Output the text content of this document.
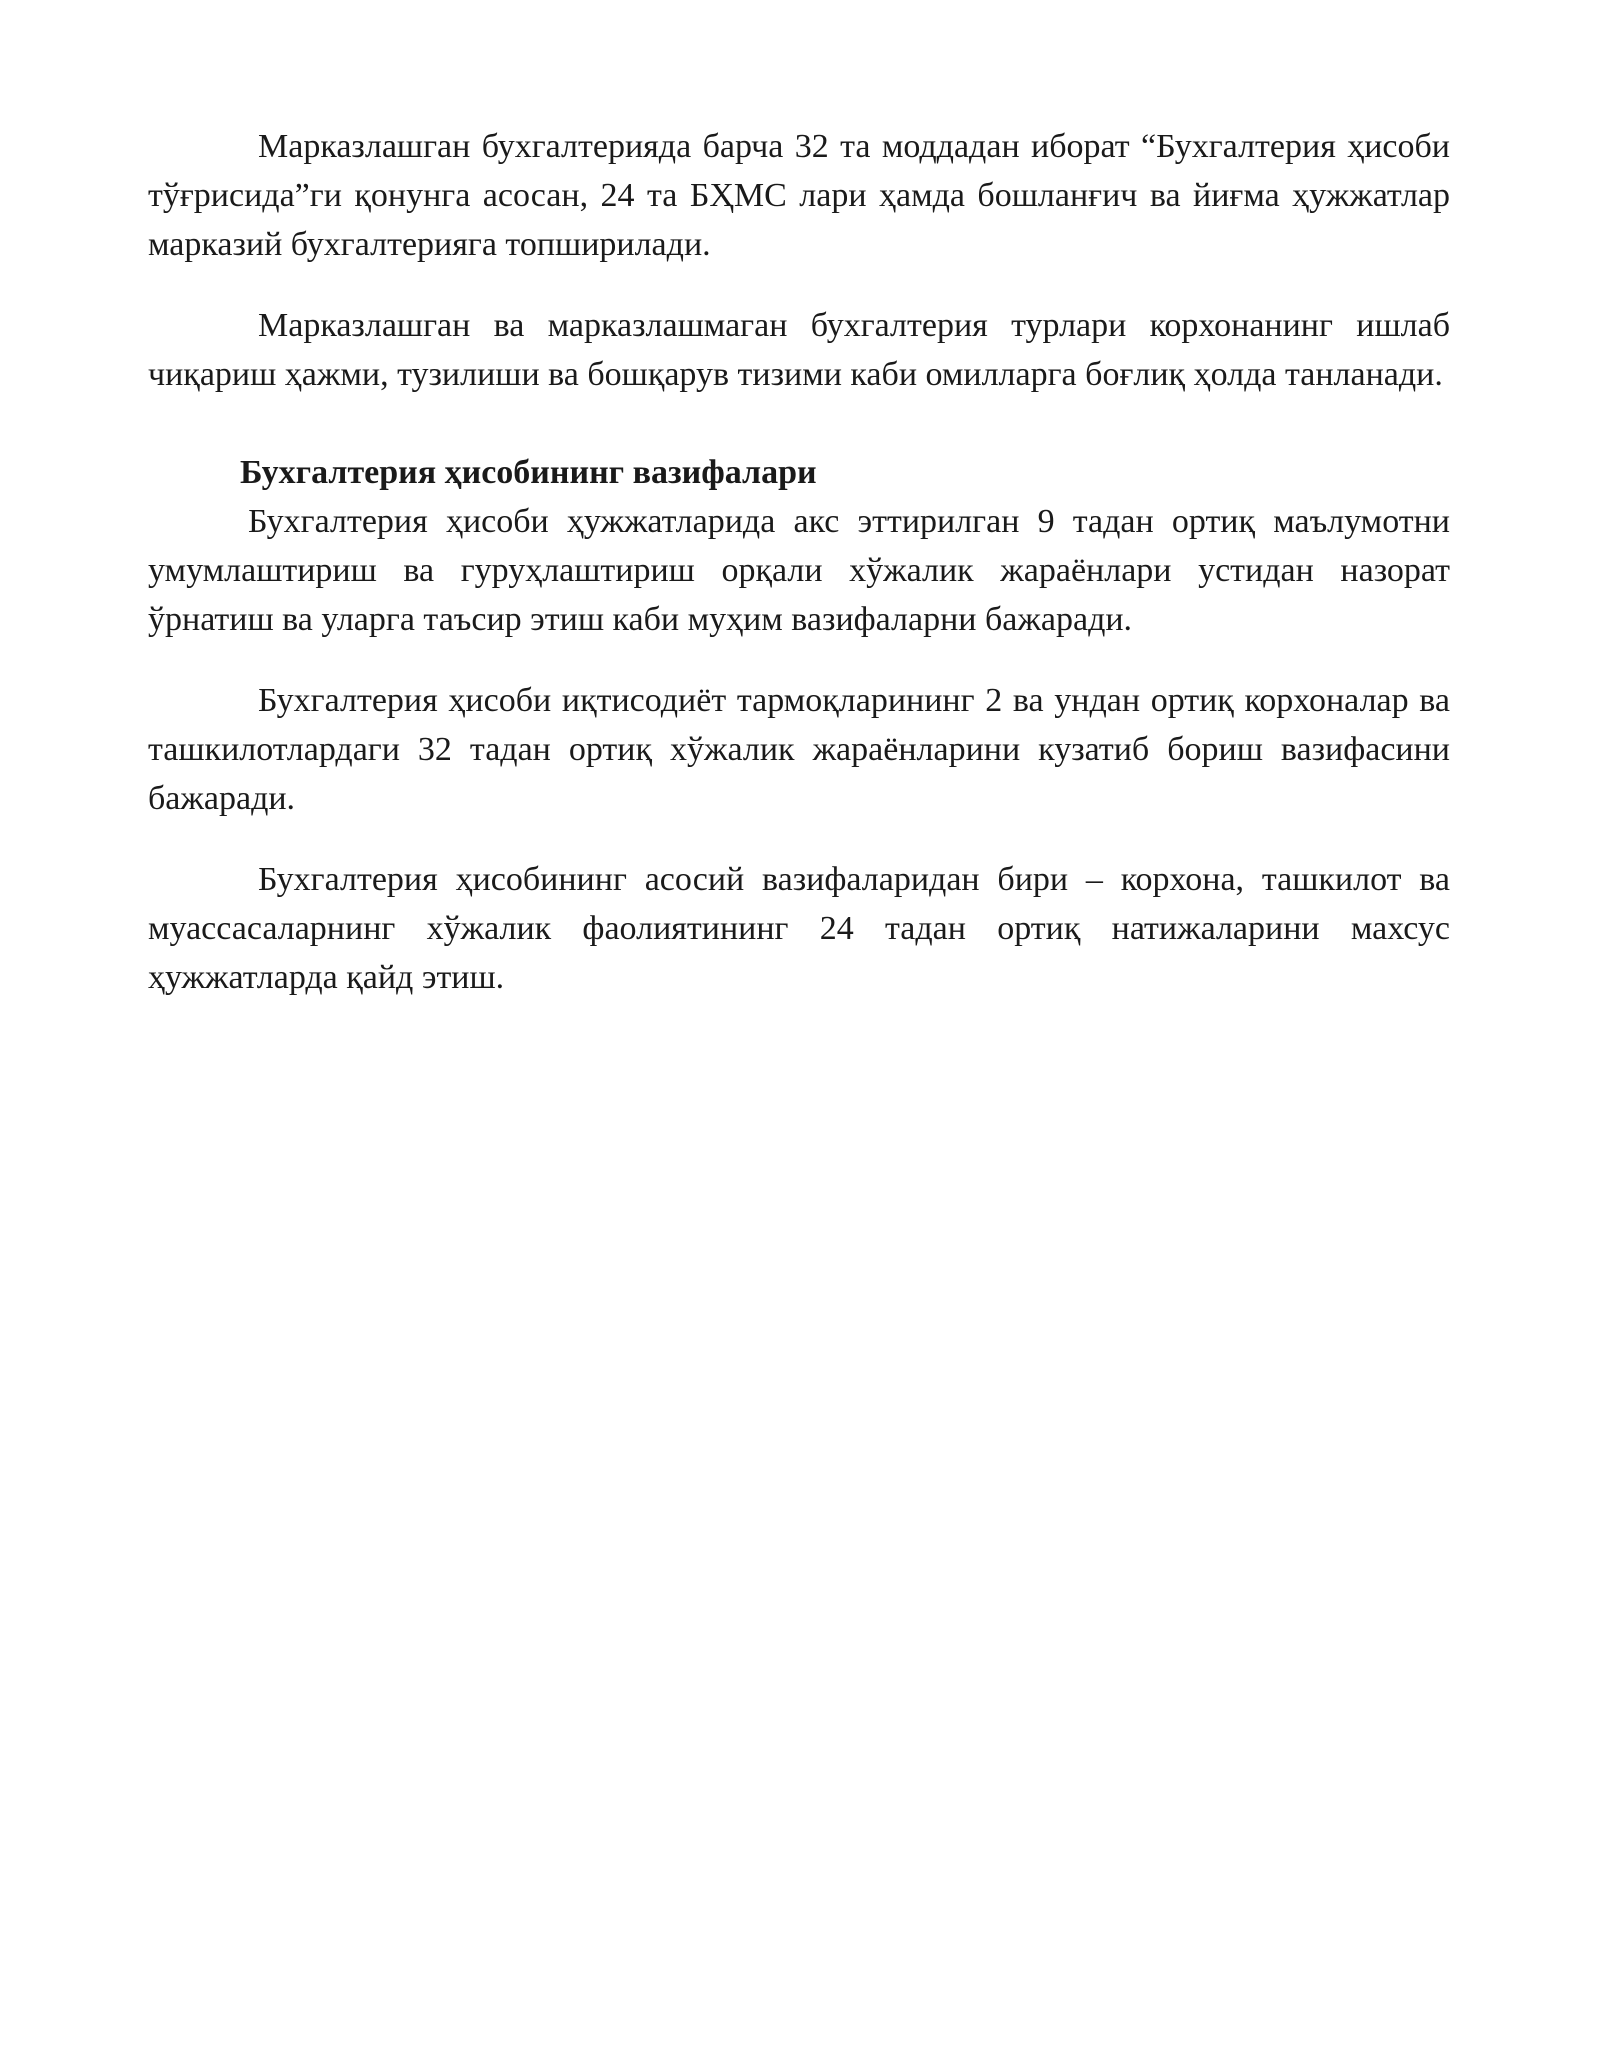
Марказлашган бухгалтерияда барча 32 та моддадан иборат “Бухгалтерия ҳисоби тўғрисида”ги қонунга асосан, 24 та БҲМС лари ҳамда бошланғич ва йиғма ҳужжатлар марказий бухгалтерияга топширилади.

Марказлашган ва марказлашмаган бухгалтерия турлари корхонанинг ишлаб чиқариш ҳажми, тузилиши ва бошқарув тизими каби омилларга боғлиқ ҳолда танланади.

Бухгалтерия ҳисобининг вазифалари

Бухгалтерия ҳисоби ҳужжатларида акс эттирилган 9 тадан ортиқ маълумотни умумлаштириш ва гуруҳлаштириш орқали хўжалик жараёнлари устидан назорат ўрнатиш ва уларга таъсир этиш каби муҳим вазифаларни бажаради.

Бухгалтерия ҳисоби иқтисодиёт тармоқларининг 2 ва ундан ортиқ корхоналар ва ташкилотлардаги 32 тадан ортиқ хўжалик жараёнларини кузатиб бориш вазифасини бажаради.

Бухгалтерия ҳисобининг асосий вазифаларидан бири – корхона, ташкилот ва муассасаларнинг хўжалик фаолиятининг 24 тадан ортиқ натижаларини махсус ҳужжатларда қайд этиш.
